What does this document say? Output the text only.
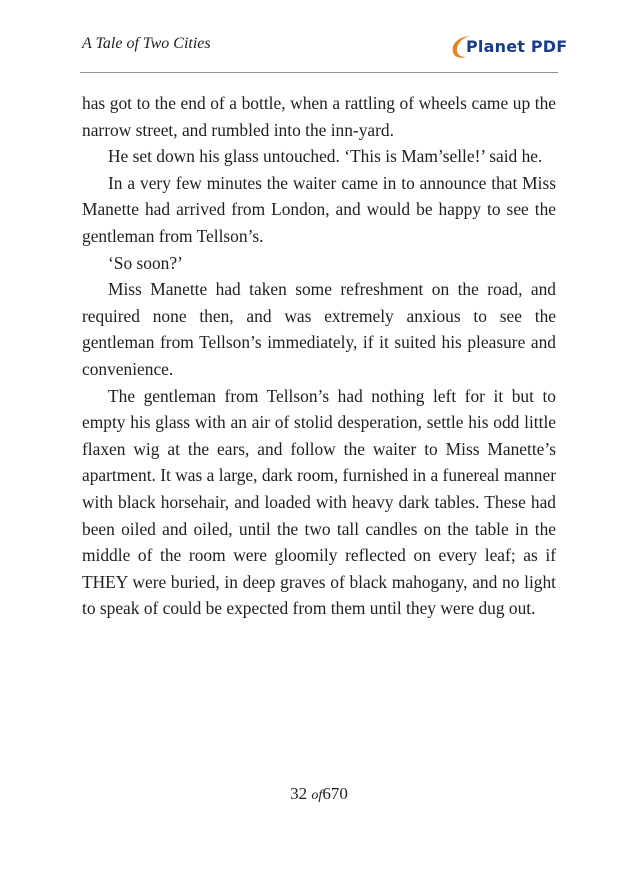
A Tale of Two Cities	Planet PDF

has got to the end of a bottle, when a rattling of wheels came up the narrow street, and rumbled into the inn-yard.

He set down his glass untouched. ‘This is Mam’selle!’ said he.

In a very few minutes the waiter came in to announce that Miss Manette had arrived from London, and would be happy to see the gentleman from Tellson’s.

‘So soon?’

Miss Manette had taken some refreshment on the road, and required none then, and was extremely anxious to see the gentleman from Tellson’s immediately, if it suited his pleasure and convenience.

The gentleman from Tellson’s had nothing left for it but to empty his glass with an air of stolid desperation, settle his odd little flaxen wig at the ears, and follow the waiter to Miss Manette’s apartment. It was a large, dark room, furnished in a funereal manner with black horsehair, and loaded with heavy dark tables. These had been oiled and oiled, until the two tall candles on the table in the middle of the room were gloomily reflected on every leaf; as if THEY were buried, in deep graves of black mahogany, and no light to speak of could be expected from them until they were dug out.

32 of670
